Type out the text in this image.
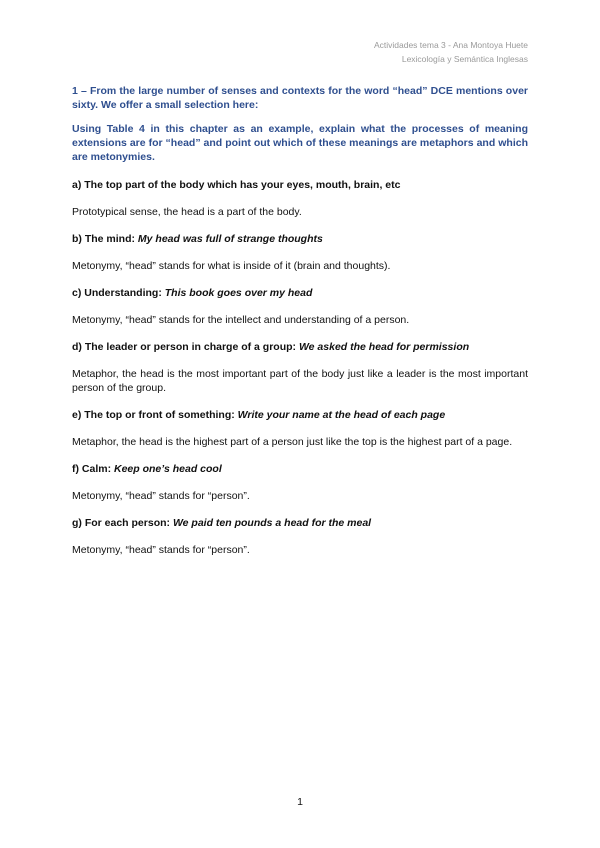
Actividades tema 3 - Ana Montoya Huete
Lexicología y Semántica Inglesas

1 – From the large number of senses and contexts for the word “head” DCE mentions over sixty. We offer a small selection here:

Using Table 4 in this chapter as an example, explain what the processes of meaning extensions are for “head” and point out which of these meanings are metaphors and which are metonymies.

a) The top part of the body which has your eyes, mouth, brain, etc

Prototypical sense, the head is a part of the body.

b) The mind: My head was full of strange thoughts

Metonymy, “head” stands for what is inside of it (brain and thoughts).

c) Understanding: This book goes over my head

Metonymy, “head” stands for the intellect and understanding of a person.

d) The leader or person in charge of a group: We asked the head for permission

Metaphor, the head is the most important part of the body just like a leader is the most important person of the group.

e) The top or front of something: Write your name at the head of each page

Metaphor, the head is the highest part of a person just like the top is the highest part of a page.

f) Calm: Keep one’s head cool

Metonymy, “head” stands for “person”.

g) For each person: We paid ten pounds a head for the meal

Metonymy, “head” stands for “person”.

1
